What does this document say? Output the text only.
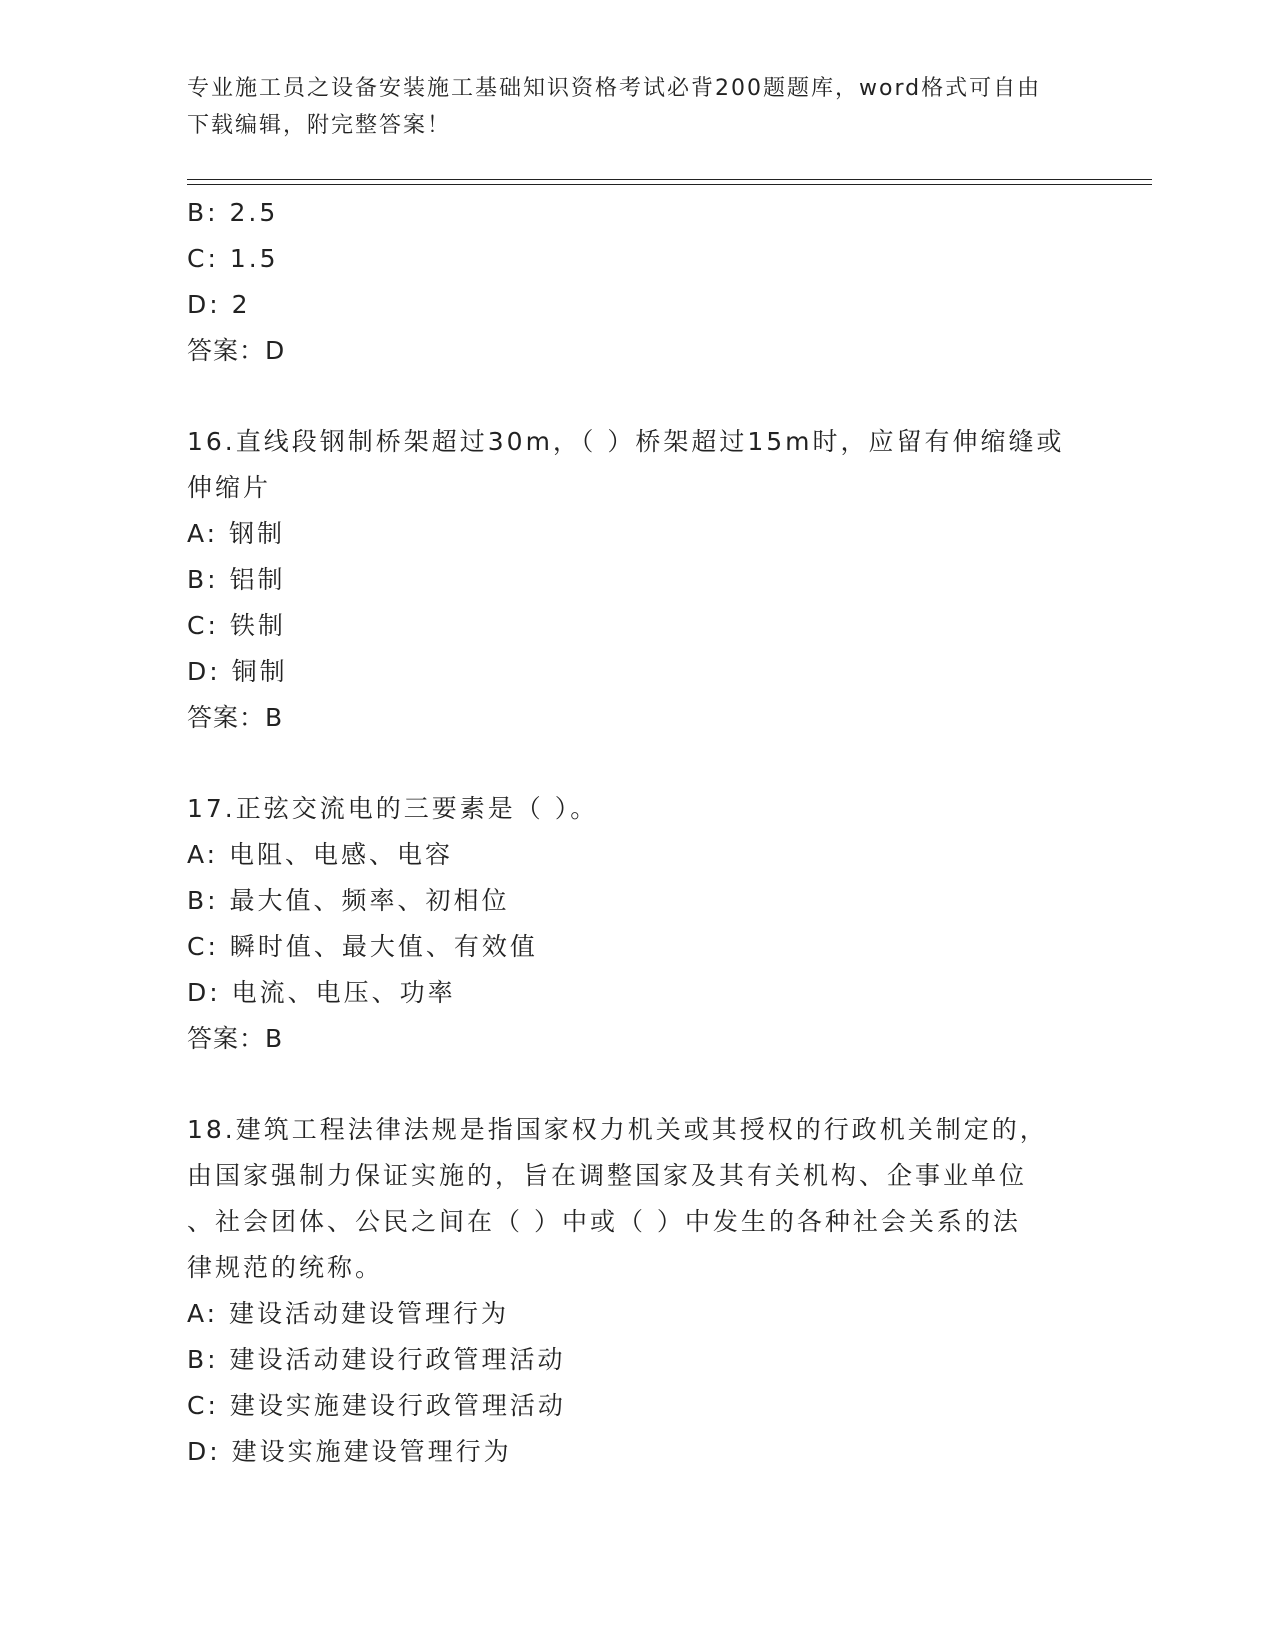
专业施工员之设备安装施工基础知识资格考试必背200题题库，word格式可自由
下载编辑，附完整答案！
B: 2.5
C: 1.5
D: 2
答案：D
16.直线段钢制桥架超过30m，（ ）桥架超过15m时，应留有伸缩缝或
伸缩片
A: 钢制
B: 铝制
C: 铁制
D: 铜制
答案：B
17.正弦交流电的三要素是（ ）。
A: 电阻、电感、电容
B: 最大值、频率、初相位
C: 瞬时值、最大值、有效值
D: 电流、电压、功率
答案：B
18.建筑工程法律法规是指国家权力机关或其授权的行政机关制定的，
由国家强制力保证实施的，旨在调整国家及其有关机构、企事业单位
、社会团体、公民之间在（ ）中或（ ）中发生的各种社会关系的法
律规范的统称。
A: 建设活动建设管理行为
B: 建设活动建设行政管理活动
C: 建设实施建设行政管理活动
D: 建设实施建设管理行为
